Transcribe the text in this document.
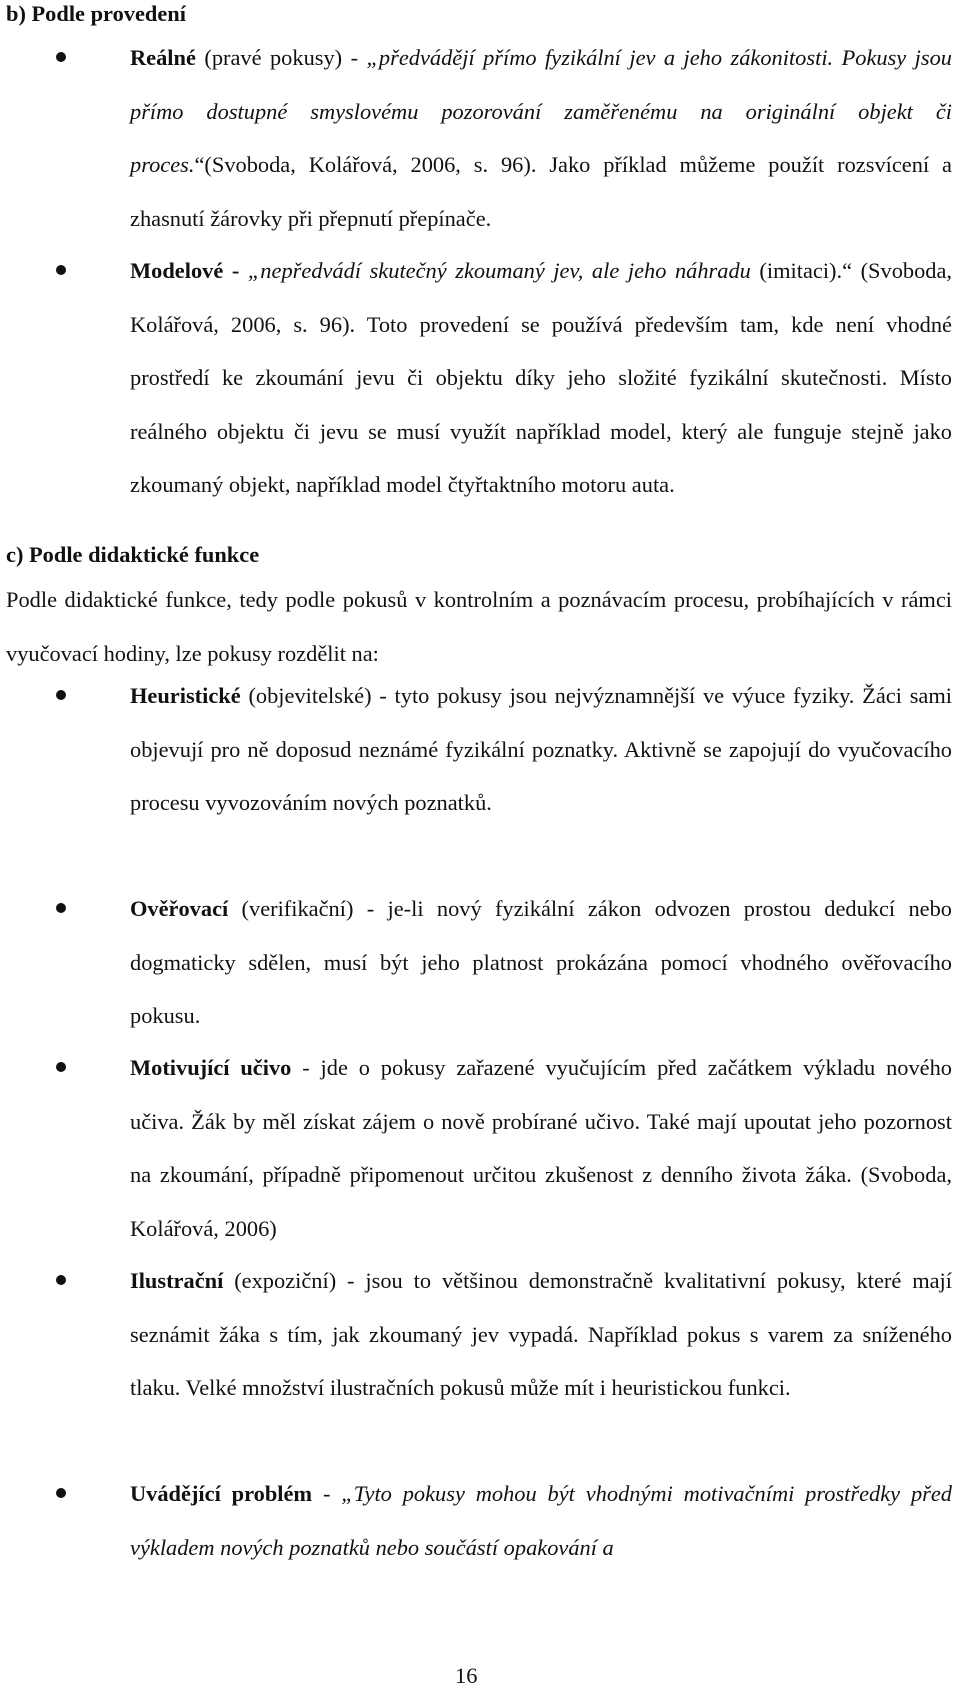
b) Podle provedení
Reálné (pravé pokusy) - „předvádějí přímo fyzikální jev a jeho zákonitosti. Pokusy jsou přímo dostupné smyslovému pozorování zaměřenému na originální objekt či proces.“(Svoboda, Kolářová, 2006, s. 96). Jako příklad můžeme použít rozsvícení a zhasnutí žárovky při přepnutí přepínače.
Modelové - „nepředvádí skutečný zkoumaný jev, ale jeho náhradu (imitaci).“ (Svoboda, Kolářová, 2006, s. 96). Toto provedení se používá především tam, kde není vhodné prostředí ke zkoumání jevu či objektu díky jeho složité fyzikální skutečnosti. Místo reálného objektu či jevu se musí využít například model, který ale funguje stejně jako zkoumaný objekt, například model čtyřtaktního motoru auta.
c) Podle didaktické funkce

Podle didaktické funkce, tedy podle pokusů v kontrolním a poznávacím procesu, probíhajících v rámci vyučovací hodiny, lze pokusy rozdělit na:

Heuristické (objevitelské) - tyto pokusy jsou nejvýznamnější ve výuce fyziky. Žáci sami objevují pro ně doposud neznámé fyzikální poznatky. Aktivně se zapojují do vyučovacího procesu vyvozováním nových poznatků.
Ověřovací (verifikační) - je-li nový fyzikální zákon odvozen prostou dedukcí nebo dogmaticky sdělen, musí být jeho platnost prokázána pomocí vhodného ověřovacího pokusu.
Motivující učivo - jde o pokusy zařazené vyučujícím před začátkem výkladu nového učiva. Žák by měl získat zájem o nově probírané učivo. Také mají upoutat jeho pozornost na zkoumání, případně připomenout určitou zkušenost z denního života žáka. (Svoboda, Kolářová, 2006)
Ilustrační (expoziční) - jsou to většinou demonstračně kvalitativní pokusy, které mají seznámit žáka s tím, jak zkoumaný jev vypadá. Například pokus s varem za sníženého tlaku. Velké množství ilustračních pokusů může mít i heuristickou funkci.
Uvádějící problém - „Tyto pokusy mohou být vhodnými motivačními prostředky před výkladem nových poznatků nebo součástí opakování a
16
